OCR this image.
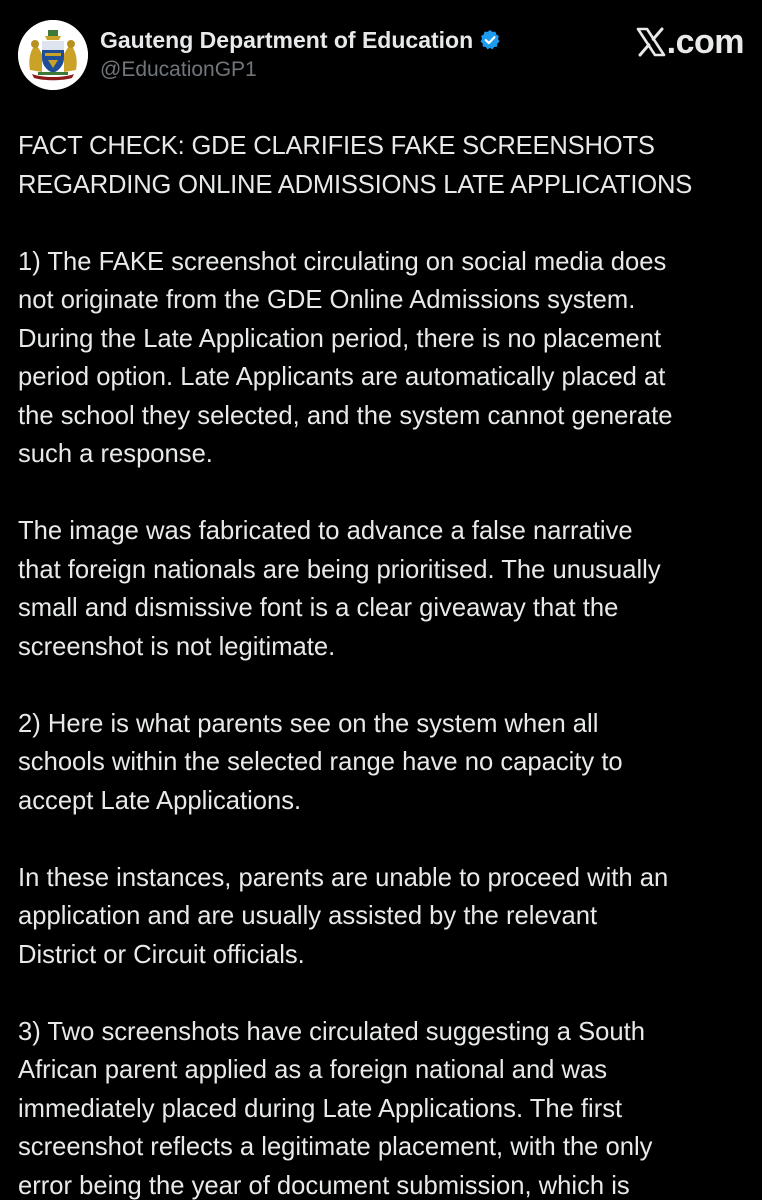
Gauteng Department of Education
@EducationGP1
.com

FACT CHECK: GDE CLARIFIES FAKE SCREENSHOTS
REGARDING ONLINE ADMISSIONS LATE APPLICATIONS

1) The FAKE screenshot circulating on social media does
not originate from the GDE Online Admissions system.
During the Late Application period, there is no placement
period option. Late Applicants are automatically placed at
the school they selected, and the system cannot generate
such a response.

The image was fabricated to advance a false narrative
that foreign nationals are being prioritised. The unusually
small and dismissive font is a clear giveaway that the
screenshot is not legitimate.

2) Here is what parents see on the system when all
schools within the selected range have no capacity to
accept Late Applications.

In these instances, parents are unable to proceed with an
application and are usually assisted by the relevant
District or Circuit officials.

3) Two screenshots have circulated suggesting a South
African parent applied as a foreign national and was
immediately placed during Late Applications. The first
screenshot reflects a legitimate placement, with the only
error being the year of document submission, which is
